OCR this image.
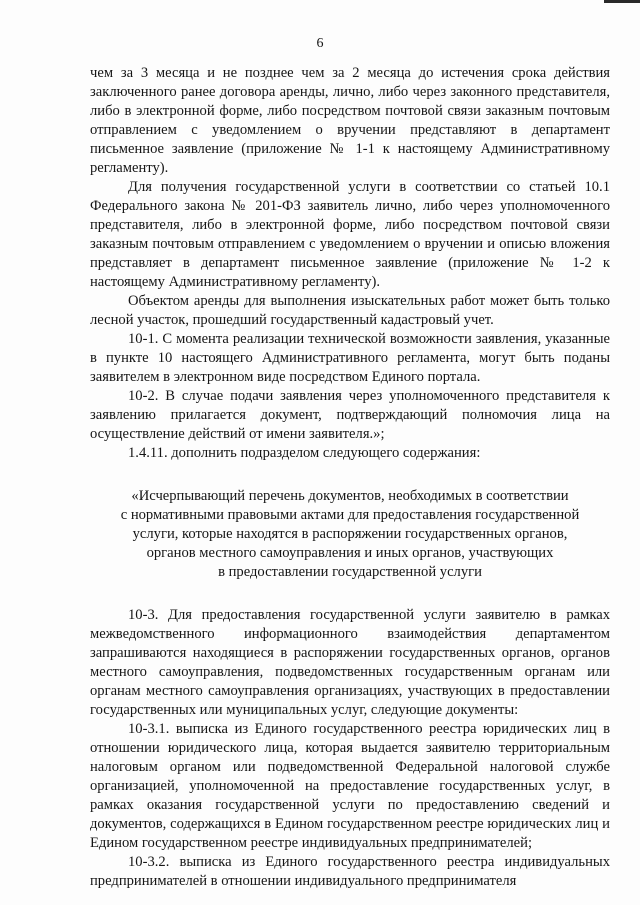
6

чем за 3 месяца и не позднее чем за 2 месяца до истечения срока действия заключенного ранее договора аренды, лично, либо через законного представителя, либо в электронной форме, либо посредством почтовой связи заказным почтовым отправлением с уведомлением о вручении представляют в департамент письменное заявление (приложение № 1-1 к настоящему Административному регламенту).

Для получения государственной услуги в соответствии со статьей 10.1 Федерального закона № 201-ФЗ заявитель лично, либо через уполномоченного представителя, либо в электронной форме, либо посредством почтовой связи заказным почтовым отправлением с уведомлением о вручении и описью вложения представляет в департамент письменное заявление (приложение № 1-2 к настоящему Административному регламенту).

Объектом аренды для выполнения изыскательных работ может быть только лесной участок, прошедший государственный кадастровый учет.

10-1. С момента реализации технической возможности заявления, указанные в пункте 10 настоящего Административного регламента, могут быть поданы заявителем в электронном виде посредством Единого портала.

10-2. В случае подачи заявления через уполномоченного представителя к заявлению прилагается документ, подтверждающий полномочия лица на осуществление действий от имени заявителя.»;

1.4.11. дополнить подразделом следующего содержания:

«Исчерпывающий перечень документов, необходимых в соответствии
с нормативными правовыми актами для предоставления государственной
услуги, которые находятся в распоряжении государственных органов,
органов местного самоуправления и иных органов, участвующих
в предоставлении государственной услуги

10-3. Для предоставления государственной услуги заявителю в рамках межведомственного информационного взаимодействия департаментом запрашиваются находящиеся в распоряжении государственных органов, органов местного самоуправления, подведомственных государственным органам или органам местного самоуправления организациях, участвующих в предоставлении государственных или муниципальных услуг, следующие документы:

10-3.1. выписка из Единого государственного реестра юридических лиц в отношении юридического лица, которая выдается заявителю территориальным налоговым органом или подведомственной Федеральной налоговой службе организацией, уполномоченной на предоставление государственных услуг, в рамках оказания государственной услуги по предоставлению сведений и документов, содержащихся в Едином государственном реестре юридических лиц и Едином государственном реестре индивидуальных предпринимателей;

10-3.2. выписка из Единого государственного реестра индивидуальных предпринимателей в отношении индивидуального предпринимателя
